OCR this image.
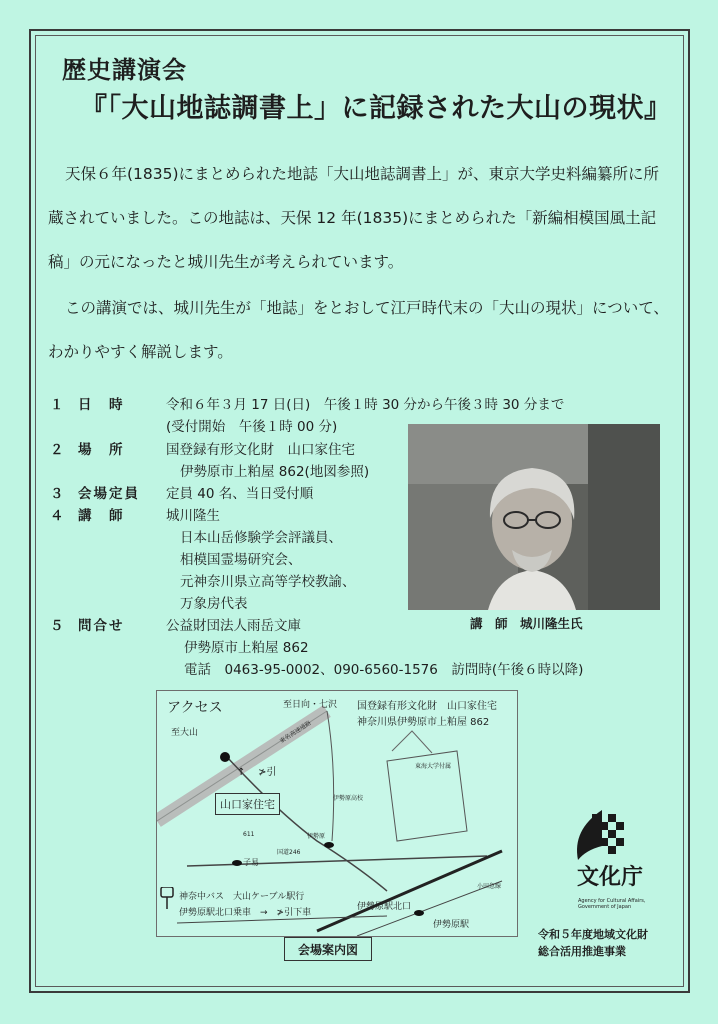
歴史講演会
『「大山地誌調書上」に記録された大山の現状』
天保６年(1835)にまとめられた地誌「大山地誌調書上」が、東京大学史料編纂所に所蔵されていました。この地誌は、天保 12 年(1835)にまとめられた「新編相模国風土記稿」の元になったと城川先生が考えられています。
この講演では、城川先生が「地誌」をとおして江戸時代末の「大山の現状」について、わかりやすく解説します。
１ 日　時	令和６年３月 17 日(日)　午後１時 30 分から午後３時 30 分まで
(受付開始　午後１時 00 分)
２ 場　所	国登録有形文化財　山口家住宅
伊勢原市上粕屋 862(地図参照)
３ 会場定員 定員 40 名、当日受付順
４ 講　師	城川隆生
日本山岳修験学会評議員、
相模国霊場研究会、
元神奈川県立高等学校教諭、
万象房代表
５ 問合せ	公益財団法人雨岳文庫
伊勢原市上粕屋 862
電話　0463-95-0002、090-6560-1576　訪問時(午後６時以降)
講　師　城川隆生氏
アクセス
至大山
至日向・七沢 国登録有形文化財　山口家住宅
神奈川県伊勢原市上粕屋 862
東名高速道路
東海大学付属
↑    ≯引
山口家住宅	伊勢原高校
611	伊勢原
子易
国道246
小田急線
伊勢原駅北口
伊勢原駅
神奈中バス　大山ケーブル駅行
伊勢原駅北口乗車　→　≯引下車
会場案内図
文化庁
Agency for Cultural Affairs, Government of Japan
令和５年度地域文化財
総合活用推進事業
